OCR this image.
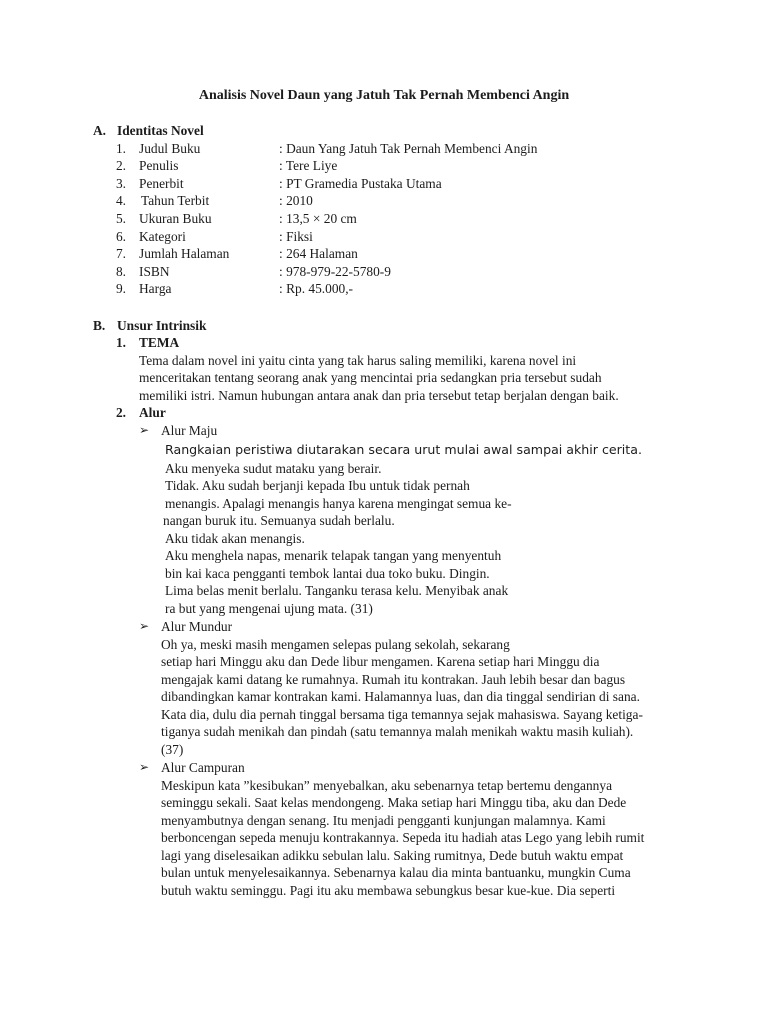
Analisis Novel Daun yang Jatuh Tak Pernah Membenci Angin
A. Identitas Novel
1. Judul Buku	: Daun Yang Jatuh Tak Pernah Membenci Angin
2. Penulis	: Tere Liye
3. Penerbit	: PT Gramedia Pustaka Utama
4. Tahun Terbit	: 2010
5. Ukuran Buku	: 13,5 × 20 cm
6. Kategori	: Fiksi
7. Jumlah Halaman	: 264 Halaman
8. ISBN	: 978-979-22-5780-9
9. Harga	: Rp. 45.000,-
B. Unsur Intrinsik
1. TEMA
Tema dalam novel ini yaitu cinta yang tak harus saling memiliki, karena novel ini
menceritakan tentang seorang anak yang mencintai pria sedangkan pria tersebut sudah
memiliki istri. Namun hubungan antara anak dan pria tersebut tetap berjalan dengan baik.
2. Alur
➢ Alur Maju
Rangkaian peristiwa diutarakan secara urut mulai awal sampai akhir cerita.
Aku menyeka sudut mataku yang berair.
Tidak. Aku sudah berjanji kepada Ibu untuk tidak pernah
menangis. Apalagi menangis hanya karena mengingat semua ke-
nangan buruk itu. Semuanya sudah berlalu.
Aku tidak akan menangis.
Aku menghela napas, menarik telapak tangan yang menyentuh
bin kai kaca pengganti tembok lantai dua toko buku. Dingin.
Lima belas menit berlalu. Tanganku terasa kelu. Menyibak anak
ra but yang mengenai ujung mata. (31)
➢ Alur Mundur
Oh ya, meski masih mengamen selepas pulang sekolah, sekarang
setiap hari Minggu aku dan Dede libur mengamen. Karena setiap hari Minggu dia
mengajak kami datang ke rumahnya. Rumah itu kontrakan. Jauh lebih besar dan bagus
dibandingkan kamar kontrakan kami. Halamannya luas, dan dia tinggal sendirian di sana.
Kata dia, dulu dia pernah tinggal bersama tiga temannya sejak mahasiswa. Sayang ketiga-
tiganya sudah menikah dan pindah (satu temannya malah menikah waktu masih kuliah).
(37)
➢ Alur Campuran
Meskipun kata ”kesibukan” menyebalkan, aku sebenarnya tetap bertemu dengannya
seminggu sekali. Saat kelas mendongeng. Maka setiap hari Minggu tiba, aku dan Dede
menyambutnya dengan senang. Itu menjadi pengganti kunjungan malamnya. Kami
berboncengan sepeda menuju kontrakannya. Sepeda itu hadiah atas Lego yang lebih rumit
lagi yang diselesaikan adikku sebulan lalu. Saking rumitnya, Dede butuh waktu empat
bulan untuk menyelesaikannya. Sebenarnya kalau dia minta bantuanku, mungkin Cuma
butuh waktu seminggu. Pagi itu aku membawa sebungkus besar kue-kue. Dia seperti
